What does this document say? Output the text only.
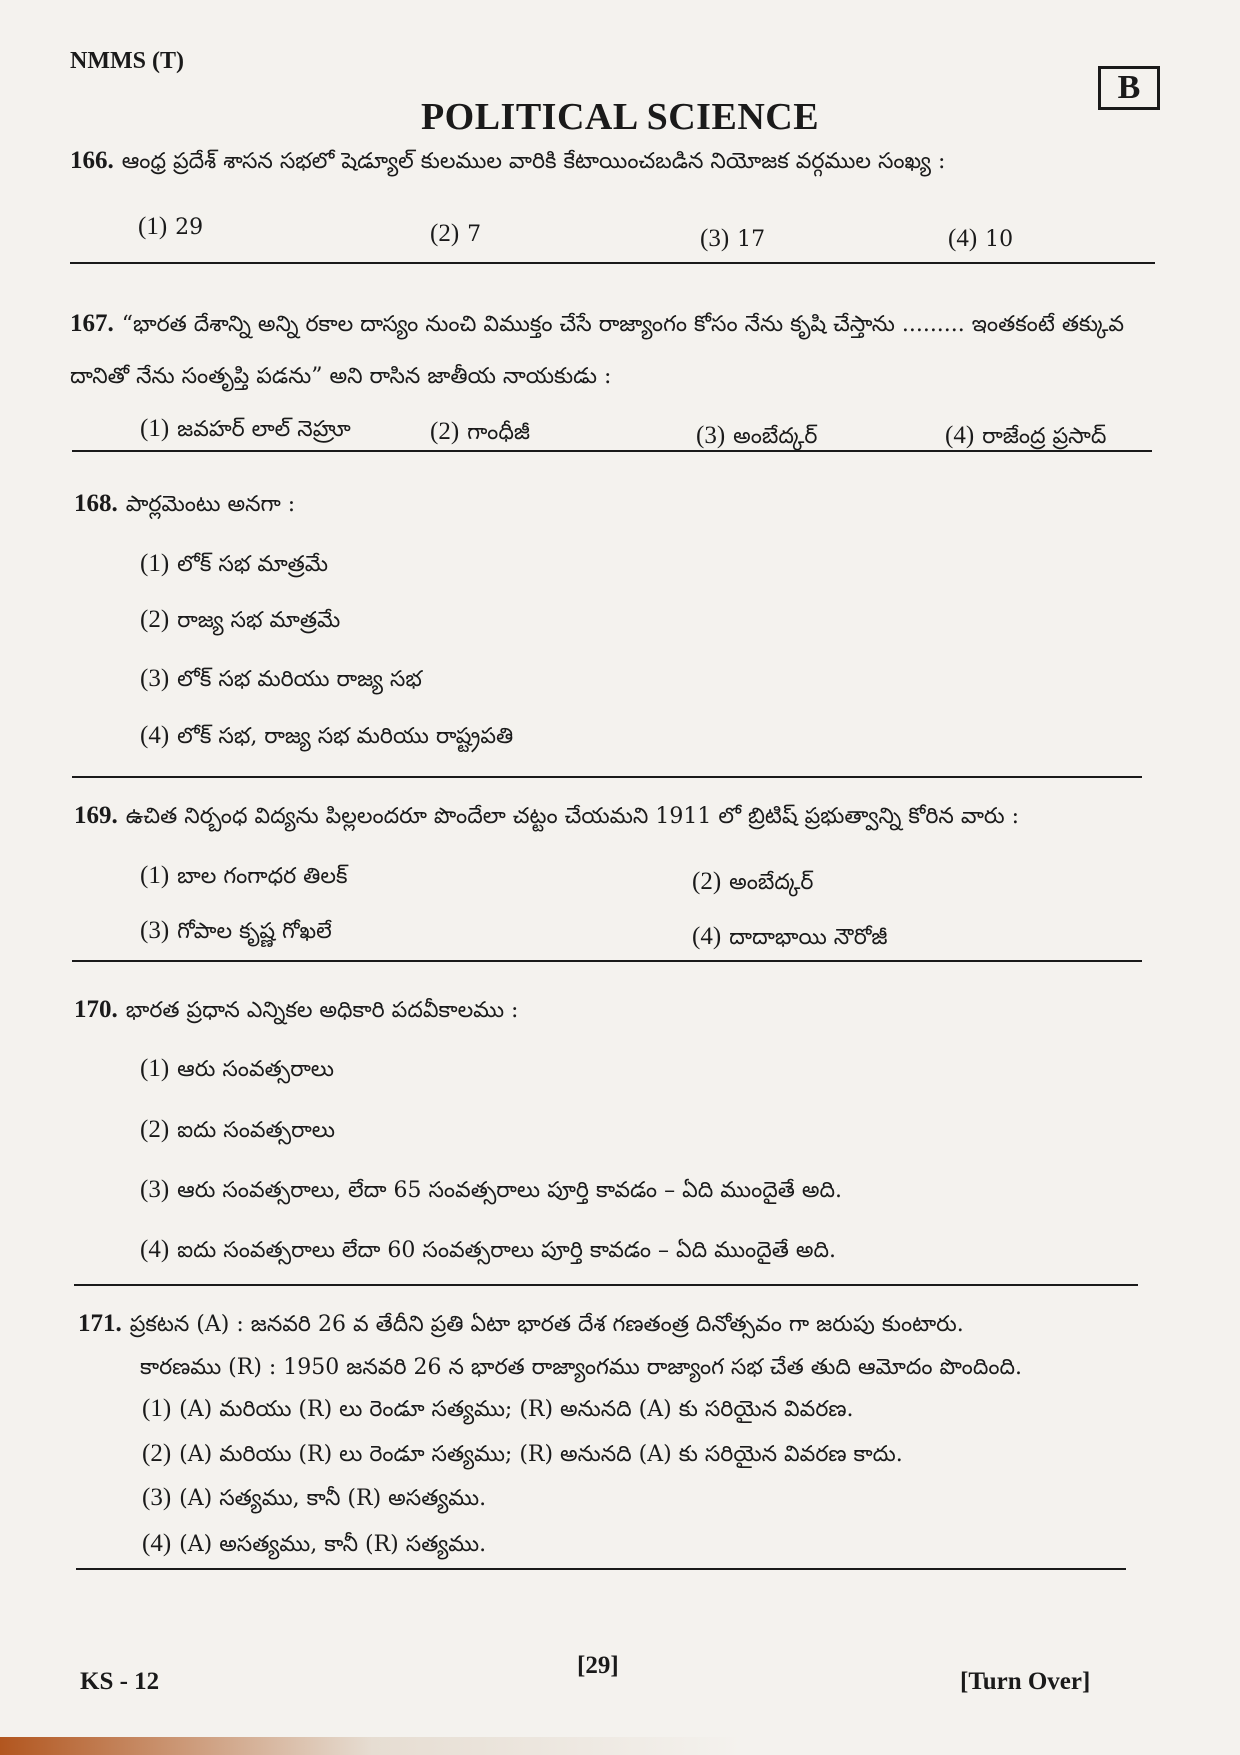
NMMS (T)
B
POLITICAL SCIENCE
166. ఆంధ్ర ప్రదేశ్ శాసన సభలో షెడ్యూల్ కులముల వారికి కేటాయించబడిన నియోజక వర్గముల సంఖ్య :
(1) 29	(2) 7	(3) 17	(4) 10
167. “భారత దేశాన్ని అన్ని రకాల దాస్యం నుంచి విముక్తం చేసే రాజ్యాంగం కోసం నేను కృషి చేస్తాను ......... ఇంతకంటే తక్కువ దానితో నేను సంతృప్తి పడను” అని రాసిన జాతీయ నాయకుడు :
(1) జవహర్ లాల్ నెహ్రూ	(2) గాంధీజీ	(3) అంబేద్కర్	(4) రాజేంద్ర ప్రసాద్
168. పార్లమెంటు అనగా :
(1) లోక్ సభ మాత్రమే
(2) రాజ్య సభ మాత్రమే
(3) లోక్ సభ మరియు రాజ్య సభ
(4) లోక్ సభ, రాజ్య సభ మరియు రాష్ట్రపతి
169. ఉచిత నిర్బంధ విద్యను పిల్లలందరూ పొందేలా చట్టం చేయమని 1911 లో బ్రిటిష్ ప్రభుత్వాన్ని కోరిన వారు :
(1) బాల గంగాధర తిలక్	(2) అంబేద్కర్
(3) గోపాల కృష్ణ గోఖలే	(4) దాదాభాయి నౌరోజీ
170. భారత ప్రధాన ఎన్నికల అధికారి పదవీకాలము :
(1) ఆరు సంవత్సరాలు
(2) ఐదు సంవత్సరాలు
(3) ఆరు సంవత్సరాలు, లేదా 65 సంవత్సరాలు పూర్తి కావడం – ఏది ముందైతే అది.
(4) ఐదు సంవత్సరాలు లేదా 60 సంవత్సరాలు పూర్తి కావడం – ఏది ముందైతే అది.
171. ప్రకటన (A) : జనవరి 26 వ తేదీని ప్రతి ఏటా భారత దేశ గణతంత్ర దినోత్సవం గా జరుపు కుంటారు.
కారణము (R) : 1950 జనవరి 26 న భారత రాజ్యాంగము రాజ్యాంగ సభ చేత తుది ఆమోదం పొందింది.
(1) (A) మరియు (R) లు రెండూ సత్యము; (R) అనునది (A) కు సరియైన వివరణ.
(2) (A) మరియు (R) లు రెండూ సత్యము; (R) అనునది (A) కు సరియైన వివరణ కాదు.
(3) (A) సత్యము, కానీ (R) అసత్యము.
(4) (A) అసత్యము, కానీ (R) సత్యము.
KS - 12
[29]
[Turn Over]
